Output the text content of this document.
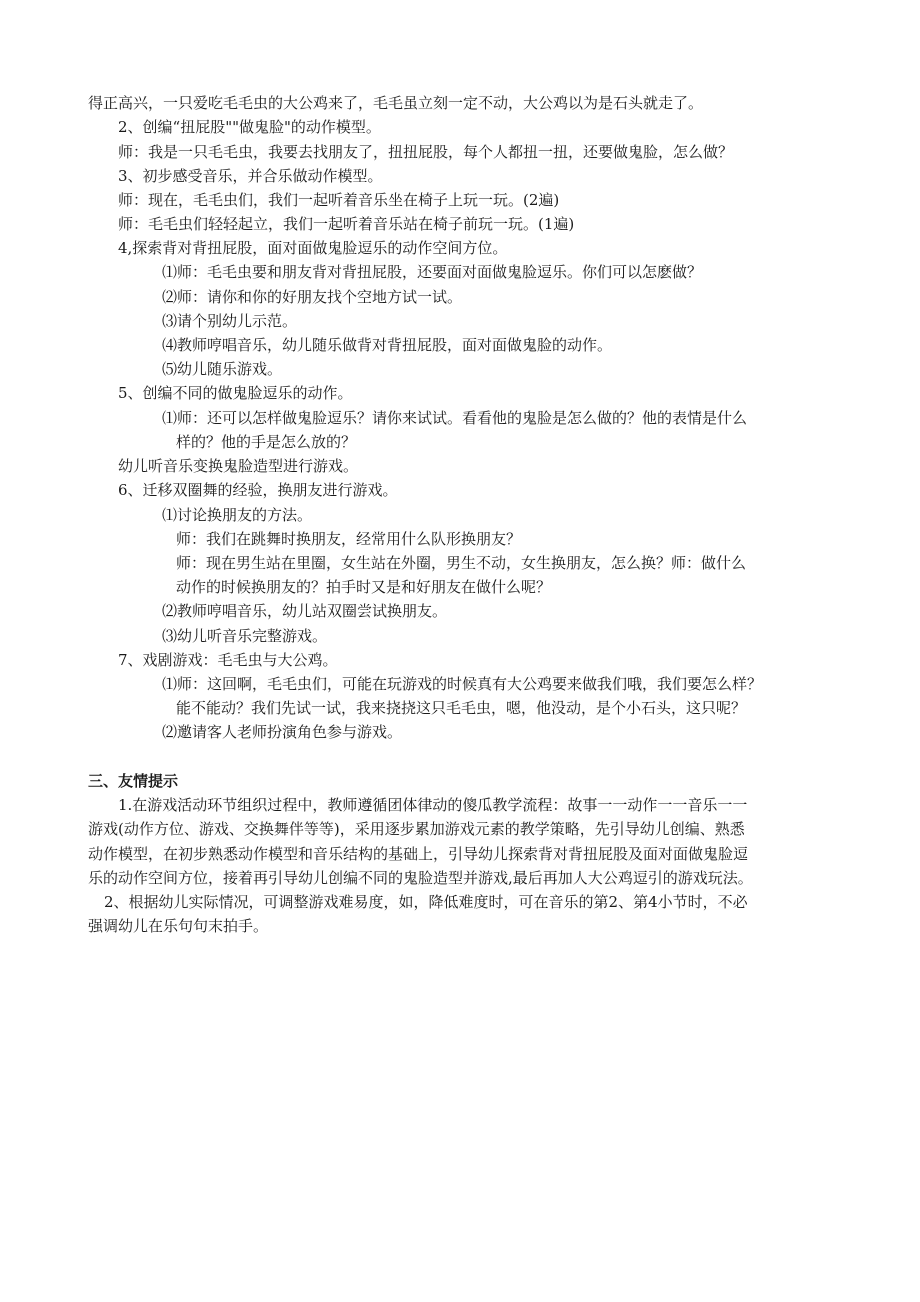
得正高兴，一只爱吃毛毛虫的大公鸡来了，毛毛虽立刻一定不动，大公鸡以为是石头就走了。
2、创编“扭屁股""做鬼脸"的动作模型。
师：我是一只毛毛虫，我要去找朋友了，扭扭屁股，每个人都扭一扭，还要做鬼脸，怎么做？
3、初步感受音乐，并合乐做动作模型。
师：现在，毛毛虫们，我们一起听着音乐坐在椅子上玩一玩。(2遍)
师：毛毛虫们轻轻起立，我们一起听着音乐站在椅子前玩一玩。(1遍)
4,探索背对背扭屁股，面对面做鬼脸逗乐的动作空间方位。
⑴师：毛毛虫要和朋友背对背扭屁股，还要面对面做鬼脸逗乐。你们可以怎麽做？
⑵师：请你和你的好朋友找个空地方试一试。
⑶请个别幼儿示范。
⑷教师哼唱音乐，幼儿随乐做背对背扭屁股，面对面做鬼脸的动作。
⑸幼儿随乐游戏。
5、创编不同的做鬼脸逗乐的动作。
⑴师：还可以怎样做鬼脸逗乐？请你来试试。看看他的鬼脸是怎么做的？他的表情是什么
样的？他的手是怎么放的？
幼儿听音乐变换鬼脸造型进行游戏。
6、迁移双圈舞的经验，换朋友进行游戏。
⑴讨论换朋友的方法。
师：我们在跳舞时换朋友，经常用什么队形换朋友？
师：现在男生站在里圈，女生站在外圈，男生不动，女生换朋友，怎么换？师：做什么
动作的时候换朋友的？拍手时又是和好朋友在做什么呢？
⑵教师哼唱音乐，幼儿站双圈尝试换朋友。
⑶幼儿听音乐完整游戏。
7、戏剧游戏：毛毛虫与大公鸡。
⑴师：这回啊，毛毛虫们，可能在玩游戏的时候真有大公鸡要来做我们哦，我们要怎么样？
能不能动？我们先试一试，我来挠挠这只毛毛虫，嗯，他没动，是个小石头，这只呢？
⑵邀请客人老师扮演角色参与游戏。
三、友情提示
1.在游戏活动环节组织过程中，教师遵循团体律动的傻瓜教学流程：故事一一动作一一音乐一一
游戏(动作方位、游戏、交换舞伴等等)，采用逐步累加游戏元素的教学策略，先引导幼儿创编、熟悉
动作模型，在初步熟悉动作模型和音乐结构的基础上，引导幼儿探索背对背扭屁股及面对面做鬼脸逗
乐的动作空间方位，接着再引导幼儿创编不同的鬼脸造型并游戏,最后再加人大公鸡逗引的游戏玩法。
2、根据幼儿实际情况，可调整游戏难易度，如，降低难度时，可在音乐的第2、第4小节时，不必
强调幼儿在乐句句末拍手。
